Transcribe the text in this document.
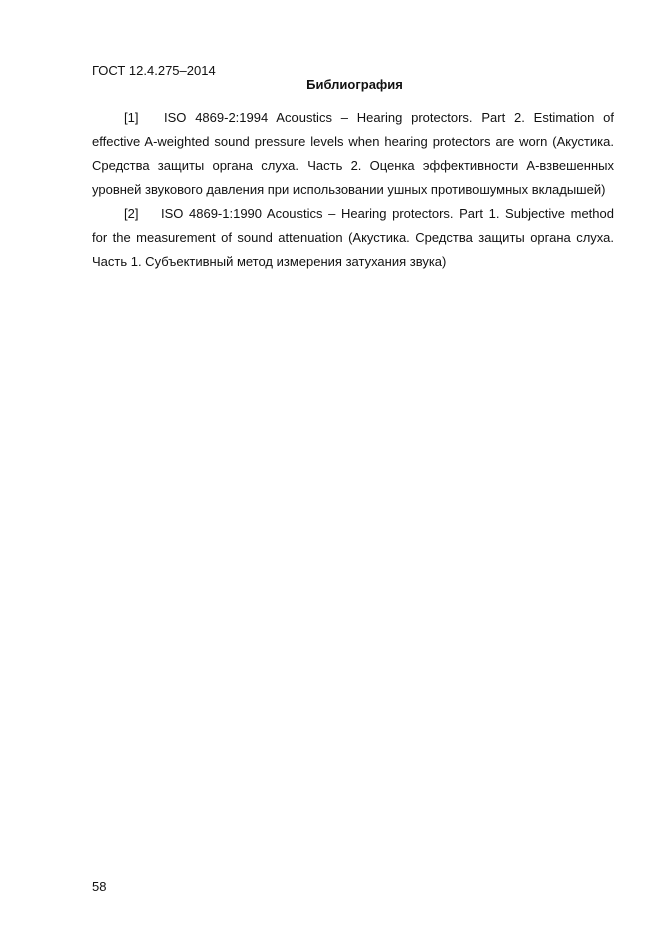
ГОСТ 12.4.275–2014
Библиография

[1] ISO 4869-2:1994 Acoustics – Hearing protectors. Part 2. Estimation of effective A-weighted sound pressure levels when hearing protectors are worn (Акустика. Средства защиты органа слуха. Часть 2. Оценка эффективности А-взвешенных уровней звукового давления при использовании ушных противошумных вкладышей)

[2] ISO 4869-1:1990 Acoustics – Hearing protectors. Part 1. Subjective method for the measurement of sound attenuation (Акустика. Средства защиты органа слуха. Часть 1. Субъективный метод измерения затухания звука)

58
